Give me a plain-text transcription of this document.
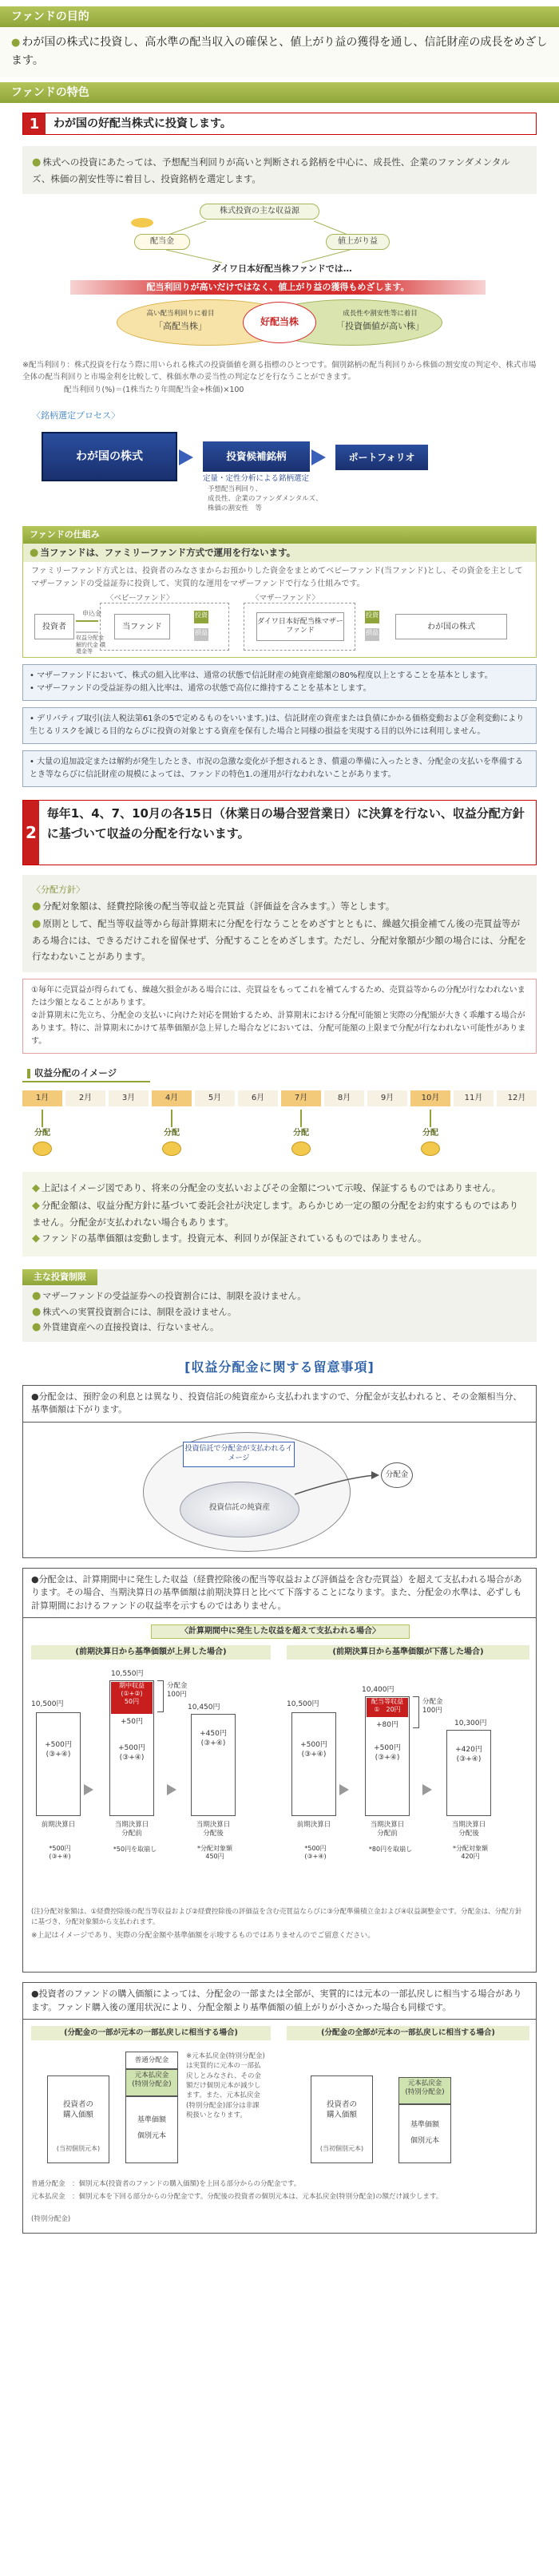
ファンドの目的
● わが国の株式に投資し、高水準の配当収入の確保と、値上がり益の獲得を通し、信託財産の成長をめざします。
ファンドの特色
1	わが国の好配当株式に投資します。
● 株式への投資にあたっては、予想配当利回りが高いと判断される銘柄を中心に、成長性、企業のファンダメンタルズ、株価の割安性等に着目し、投資銘柄を選定します。
株式投資の主な収益源
配当金	値上がり益
ダイワ日本好配当株ファンドでは…
配当利回りが高いだけではなく、値上がり益の獲得もめざします。
高い配当利回りに着目
「高配当株」	好配当株
成長性や割安性等に着目
「投資価値が高い株」
※配当利回り：株式投資を行なう際に用いられる株式の投資価値を測る指標のひとつです。個別銘柄の配当利回りから株価の割安度の判定や、株式市場全体の配当利回りと市場金利を比較して、株価水準の妥当性の判定などを行なうことができます。
配当利回り(%)＝(1株当たり年間配当金÷株価)×100
〈銘柄選定プロセス〉
わが国の株式	投資候補銘柄	ポートフォリオ
定量・定性分析による銘柄選定
予想配当利回り、
成長性、企業のファンダメンタルズ、
株価の割安性　等
ファンドの仕組み
● 当ファンドは、ファミリーファンド方式で運用を行ないます。
ファミリーファンド方式とは、投資者のみなさまからお預かりした資金をまとめてベビーファンド(当ファンド)とし、その資金を主としてマザーファンドの受益証券に投資して、実質的な運用をマザーファンドで行なう仕組みです。
〈ベビーファンド〉	〈マザーファンド〉
投資者
申込金
収益分配金 解約代金 償還金等
当ファンド
投資
損益
ダイワ日本好配当株マザーファンド
投資
損益
わが国の株式
• マザーファンドにおいて、株式の組入比率は、通常の状態で信託財産の純資産総額の80%程度以上とすることを基本とします。
• マザーファンドの受益証券の組入比率は、通常の状態で高位に維持することを基本とします。
• デリバティブ取引(法人税法第61条の5で定めるものをいいます。)は、信託財産の資産または負債にかかる価格変動および金利変動により生じるリスクを減じる目的ならびに投資の対象とする資産を保有した場合と同様の損益を実現する目的以外には利用しません。
• 大量の追加設定または解約が発生したとき、市況の急激な変化が予想されるとき、償還の準備に入ったとき、分配金の支払いを準備するとき等ならびに信託財産の規模によっては、ファンドの特色1.の運用が行なわれないことがあります。
2
毎年1、4、7、10月の各15日（休業日の場合翌営業日）に決算を行ない、収益分配方針に基づいて収益の分配を行ないます。
〈分配方針〉
● 分配対象額は、経費控除後の配当等収益と売買益（評価益を含みます。）等とします。
● 原則として、配当等収益等から毎計算期末に分配を行なうことをめざすとともに、繰越欠損金補てん後の売買益等がある場合には、できるだけこれを留保せず、分配することをめざします。ただし、分配対象額が少額の場合には、分配を行なわないことがあります。
①毎年に売買益が得られても、繰越欠損金がある場合には、売買益をもってこれを補てんするため、売買益等からの分配が行なわれないまたは少額となることがあります。
②計算期末に先立ち、分配金の支払いに向けた対応を開始するため、計算期末における分配可能額と実際の分配額が大きく乖離する場合があります。特に、計算期末にかけて基準価額が急上昇した場合などにおいては、分配可能額の上限まで分配が行なわれない可能性があります。
収益分配のイメージ
1月	2月	3月	4月	5月	6月	7月	8月	9月	10月	11月	12月
分配	分配	分配	分配
◆ 上記はイメージ図であり、将来の分配金の支払いおよびその金額について示唆、保証するものではありません。
◆ 分配金額は、収益分配方針に基づいて委託会社が決定します。あらかじめ一定の額の分配をお約束するものではありません。分配金が支払われない場合もあります。
◆ ファンドの基準価額は変動します。投資元本、利回りが保証されているものではありません。
主な投資制限
● マザーファンドの受益証券への投資割合には、制限を設けません。
● 株式への実質投資割合には、制限を設けません。
● 外貨建資産への直接投資は、行ないません。
[収益分配金に関する留意事項]
●分配金は、預貯金の利息とは異なり、投資信託の純資産から支払われますので、分配金が支払われると、その金額相当分、基準価額は下がります。
投資信託で分配金が支払われるイメージ
投資信託の純資産
分配金
●分配金は、計算期間中に発生した収益（経費控除後の配当等収益および評価益を含む売買益）を超えて支払われる場合があります。その場合、当期決算日の基準価額は前期決算日と比べて下落することになります。また、分配金の水準は、必ずしも計算期間におけるファンドの収益率を示すものではありません。
〈計算期間中に発生した収益を超えて支払われる場合〉
(前期決算日から基準価額が上昇した場合)	(前期決算日から基準価額が下落した場合)
10,500円
+500円
(③+④)
10,550円
期中収益
(①+②)
50円
+50円
+500円
(③+④)
分配金
100円
10,450円
+450円
(③+④)
前期決算日	当期決算日
分配前
当期決算日
分配後
*500円
(③+④)
*50円を取崩し	*分配対象額
450円
10,500円
+500円
(③+④)
10,400円
配当等収益
①　20円
+80円
+500円
(③+④)
分配金
100円
10,300円
+420円
(③+④)
前期決算日	当期決算日
分配前
当期決算日
分配後
*500円
(③+④)
*80円を取崩し	*分配対象額
420円
(注)分配対象額は、①経費控除後の配当等収益および②経費控除後の評価益を含む売買益ならびに③分配準備積立金および④収益調整金です。分配金は、分配方針に基づき、分配対象額から支払われます。
※上記はイメージであり、実際の分配金額や基準価額を示唆するものではありませんのでご留意ください。
●投資者のファンドの購入価額によっては、分配金の一部または全部が、実質的には元本の一部払戻しに相当する場合があります。ファンド購入後の運用状況により、分配金額より基準価額の値上がりが小さかった場合も同様です。
(分配金の一部が元本の一部払戻しに相当する場合)	(分配金の全部が元本の一部払戻しに相当する場合)
投資者の
購入価額
(当初個別元本)
普通分配金
元本払戻金
(特別分配金)
基準価額
個別元本
※元本払戻金(特別分配金)は実質的に元本の一部払戻しとみなされ、その金額だけ個別元本が減少します。また、元本払戻金(特別分配金)部分は非課税扱いとなります。
投資者の
購入価額
(当初個別元本)
元本払戻金
(特別分配金)
基準価額
個別元本
普通分配金　：個別元本(投資者のファンドの購入価額)を上回る部分からの分配金です。
元本払戻金　：個別元本を下回る部分からの分配金です。分配後の投資者の個別元本は、元本払戻金(特別分配金)の額だけ減少します。
(特別分配金)
